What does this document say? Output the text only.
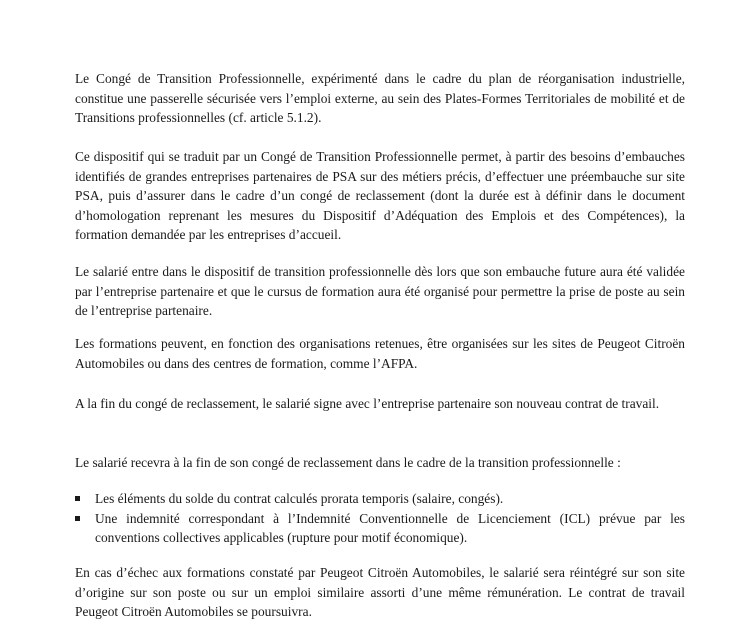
Le Congé de Transition Professionnelle, expérimenté dans le cadre du plan de réorganisation industrielle, constitue une passerelle sécurisée vers l’emploi externe, au sein des Plates-Formes Territoriales de mobilité et de Transitions professionnelles (cf. article 5.1.2).

Ce dispositif qui se traduit par un Congé de Transition Professionnelle permet, à partir des besoins d’embauches identifiés de grandes entreprises partenaires de PSA sur des métiers précis, d’effectuer une préembauche sur site PSA, puis d’assurer dans le cadre d’un congé de reclassement (dont la durée est à définir dans le document d’homologation reprenant les mesures du Dispositif d’Adéquation des Emplois et des Compétences), la formation demandée par les entreprises d’accueil.

Le salarié entre dans le dispositif de transition professionnelle dès lors que son embauche future aura été validée par l’entreprise partenaire et que le cursus de formation aura été organisé pour permettre la prise de poste au sein de l’entreprise partenaire.

Les formations peuvent, en fonction des organisations retenues, être organisées sur les sites de Peugeot Citroën Automobiles ou dans des centres de formation, comme l’AFPA.

A la fin du congé de reclassement, le salarié signe avec l’entreprise partenaire son nouveau contrat de travail.

Le salarié recevra à la fin de son congé de reclassement dans le cadre de la transition professionnelle :

Les éléments du solde du contrat calculés prorata temporis (salaire, congés).
Une indemnité correspondant à l’Indemnité Conventionnelle de Licenciement (ICL) prévue par les conventions collectives applicables (rupture pour motif économique).

En cas d’échec aux formations constaté par Peugeot Citroën Automobiles, le salarié sera réintégré sur son site d’origine sur son poste ou sur un emploi similaire assorti d’une même rémunération. Le contrat de travail Peugeot Citroën Automobiles se poursuivra.
